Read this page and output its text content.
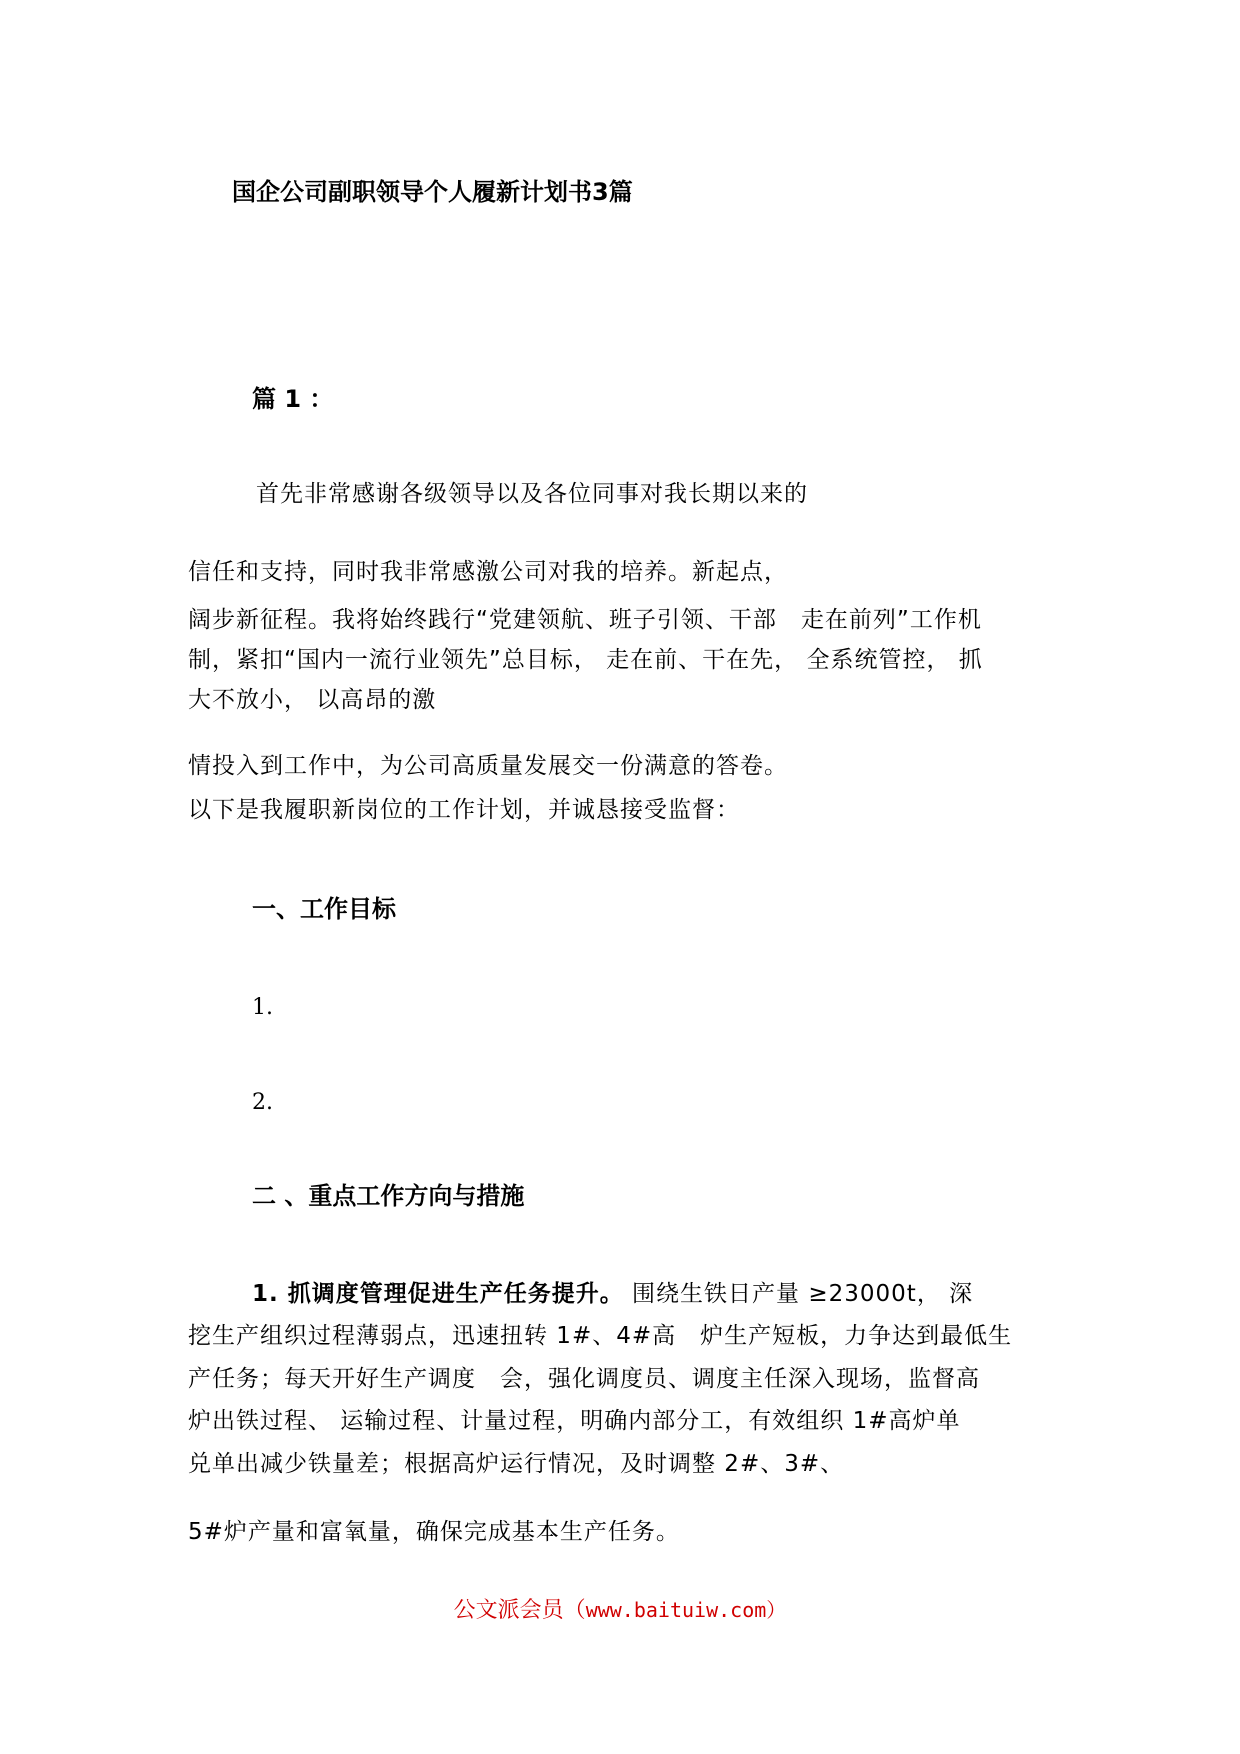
国企公司副职领导个人履新计划书3篇
篇 1 ：
首先非常感谢各级领导以及各位同事对我长期以来的
信任和支持，同时我非常感激公司对我的培养。新起点，
阔步新征程。我将始终践行“党建领航、班子引领、干部　走在前列”工作机
制，紧扣“国内一流行业领先”总目标， 走在前、干在先， 全系统管控， 抓
大不放小， 以高昂的激
情投入到工作中，为公司高质量发展交一份满意的答卷。
以下是我履职新岗位的工作计划，并诚恳接受监督：
一、工作目标
1.
2.
二 、重点工作方向与措施
1. 抓调度管理促进生产任务提升。 围绕生铁日产量 ≥23000t， 深
挖生产组织过程薄弱点，迅速扭转 1#、4#高　炉生产短板，力争达到最低生
产任务；每天开好生产调度　会，强化调度员、调度主任深入现场，监督高
炉出铁过程、 运输过程、计量过程，明确内部分工，有效组织 1#高炉单
兑单出减少铁量差；根据高炉运行情况，及时调整 2#、3#、
5#炉产量和富氧量，确保完成基本生产任务。
公文派会员（www.baituiw.com）
